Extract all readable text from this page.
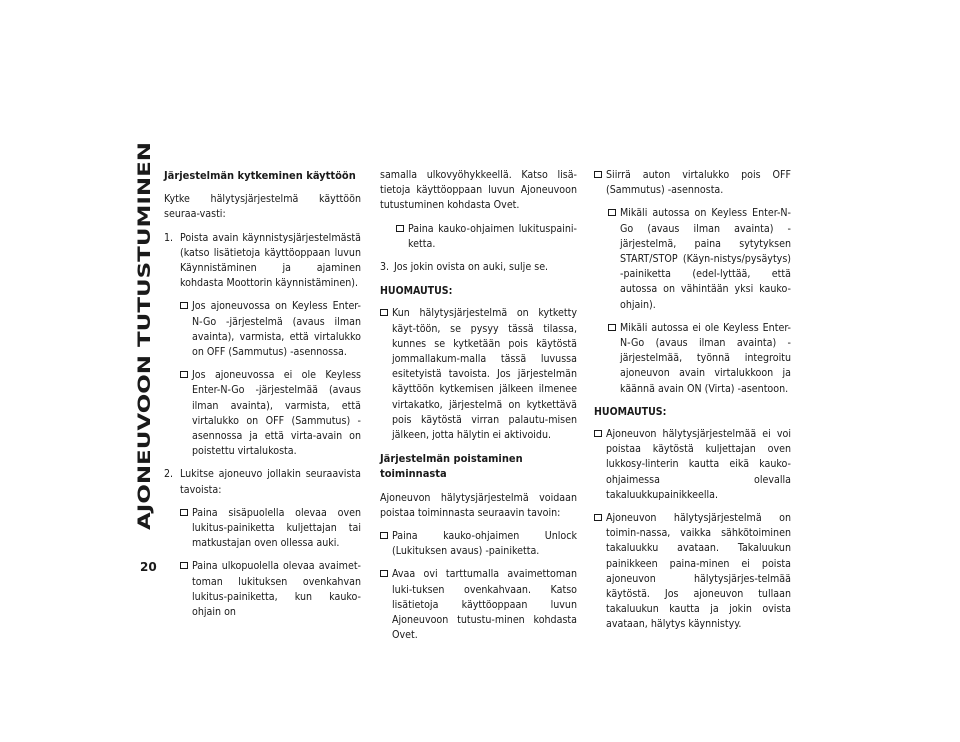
AJONEUVOON TUTUSTUMINEN
20

Järjestelmän kytkeminen käyttöön

Kytke hälytysjärjestelmä käyttöön seuraa-vasti:

1. Poista avain käynnistysjärjestelmästä (katso lisätietoja käyttöoppaan luvun Käynnistäminen ja ajaminen kohdasta Moottorin käynnistäminen).
Jos ajoneuvossa on Keyless Enter-N-Go -järjestelmä (avaus ilman avainta), varmista, että virtalukko on OFF (Sammutus) -asennossa.
Jos ajoneuvossa ei ole Keyless Enter-N-Go -järjestelmää (avaus ilman avainta), varmista, että virtalukko on OFF (Sammutus) -asennossa ja että virta-avain on poistettu virtalukosta.
2. Lukitse ajoneuvo jollakin seuraavista tavoista:
Paina sisäpuolella olevaa oven lukitus-painiketta kuljettajan tai matkustajan oven ollessa auki.
Paina ulkopuolella olevaa avaimet-toman lukituksen ovenkahvan lukitus-painiketta, kun kauko-ohjain on

samalla ulkovyöhykkeellä. Katso lisä-tietoja käyttöoppaan luvun Ajoneuvoon tutustuminen kohdasta Ovet.

Paina kauko-ohjaimen lukituspaini-ketta.
3. Jos jokin ovista on auki, sulje se.

HUOMAUTUS:

Kun hälytysjärjestelmä on kytketty käyt-töön, se pysyy tässä tilassa, kunnes se kytketään pois käytöstä jommallakum-malla tässä luvussa esitetyistä tavoista. Jos järjestelmän käyttöön kytkemisen jälkeen ilmenee virtakatko, järjestelmä on kytkettävä pois käytöstä virran palautu-misen jälkeen, jotta hälytin ei aktivoidu.

Järjestelmän poistaminen toiminnasta

Ajoneuvon hälytysjärjestelmä voidaan poistaa toiminnasta seuraavin tavoin:

Paina kauko-ohjaimen Unlock (Lukituksen avaus) -painiketta.
Avaa ovi tarttumalla avaimettoman luki-tuksen ovenkahvaan. Katso lisätietoja käyttöoppaan luvun Ajoneuvoon tutustu-minen kohdasta Ovet.
Siirrä auton virtalukko pois OFF (Sammutus) -asennosta.
Mikäli autossa on Keyless Enter-N-Go (avaus ilman avainta) -järjestelmä, paina sytytyksen START/STOP (Käyn-nistys/pysäytys) -painiketta (edel-lyttää, että autossa on vähintään yksi kauko-ohjain).
Mikäli autossa ei ole Keyless Enter-N-Go (avaus ilman avainta) -järjestelmää, työnnä integroitu ajoneuvon avain virtalukkoon ja käännä avain ON (Virta) -asentoon.

HUOMAUTUS:

Ajoneuvon hälytysjärjestelmää ei voi poistaa käytöstä kuljettajan oven lukkosy-linterin kautta eikä kauko-ohjaimessa olevalla takaluukkupainikkeella.
Ajoneuvon hälytysjärjestelmä on toimin-nassa, vaikka sähkötoiminen takaluukku avataan. Takaluukun painikkeen paina-minen ei poista ajoneuvon hälytysjärjes-telmää käytöstä. Jos ajoneuvon tullaan takaluukun kautta ja jokin ovista avataan, hälytys käynnistyy.
